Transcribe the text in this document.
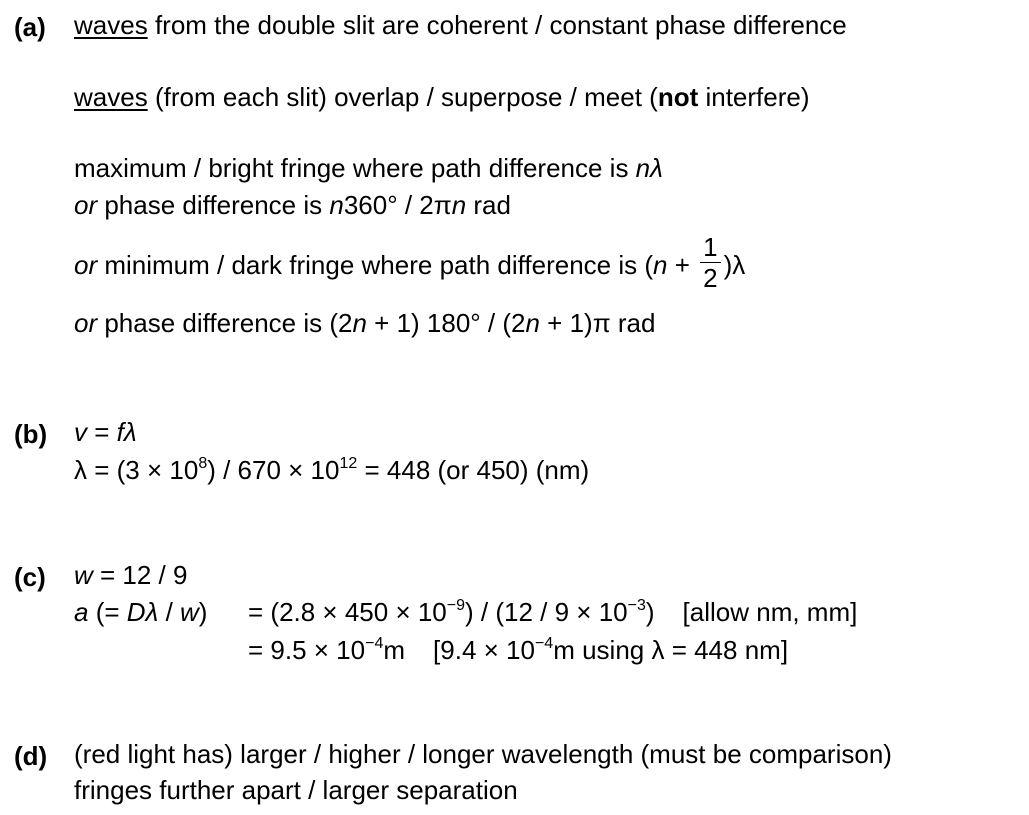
(a) waves from the double slit are coherent / constant phase difference
waves (from each slit) overlap / superpose / meet (not interfere)
maximum / bright fringe where path difference is nλ
or phase difference is n360° / 2πn rad
or minimum / dark fringe where path difference is $(n + \frac{1}{2} )\lambda$
or phase difference is (2n + 1) 180° / (2n + 1)π rad
(b) v = fλ
$\lambda = (3 \times 10^8) / 670 \times 10^{12} = 448$ (or 450) (nm)
(c) w = 12 / 9
a (= $D\lambda / w) = (2.8 \times 450 \times 10^{-9}) / (12 / 9 \times 10^{-3})$ [allow nm, mm]
= $9.5 \times 10^{-4}m$ [$9.4 \times 10^{-4}m$ using λ = 448 nm]
(d) (red light has) larger / higher / longer wavelength (must be comparison)
fringes further apart / larger separation
